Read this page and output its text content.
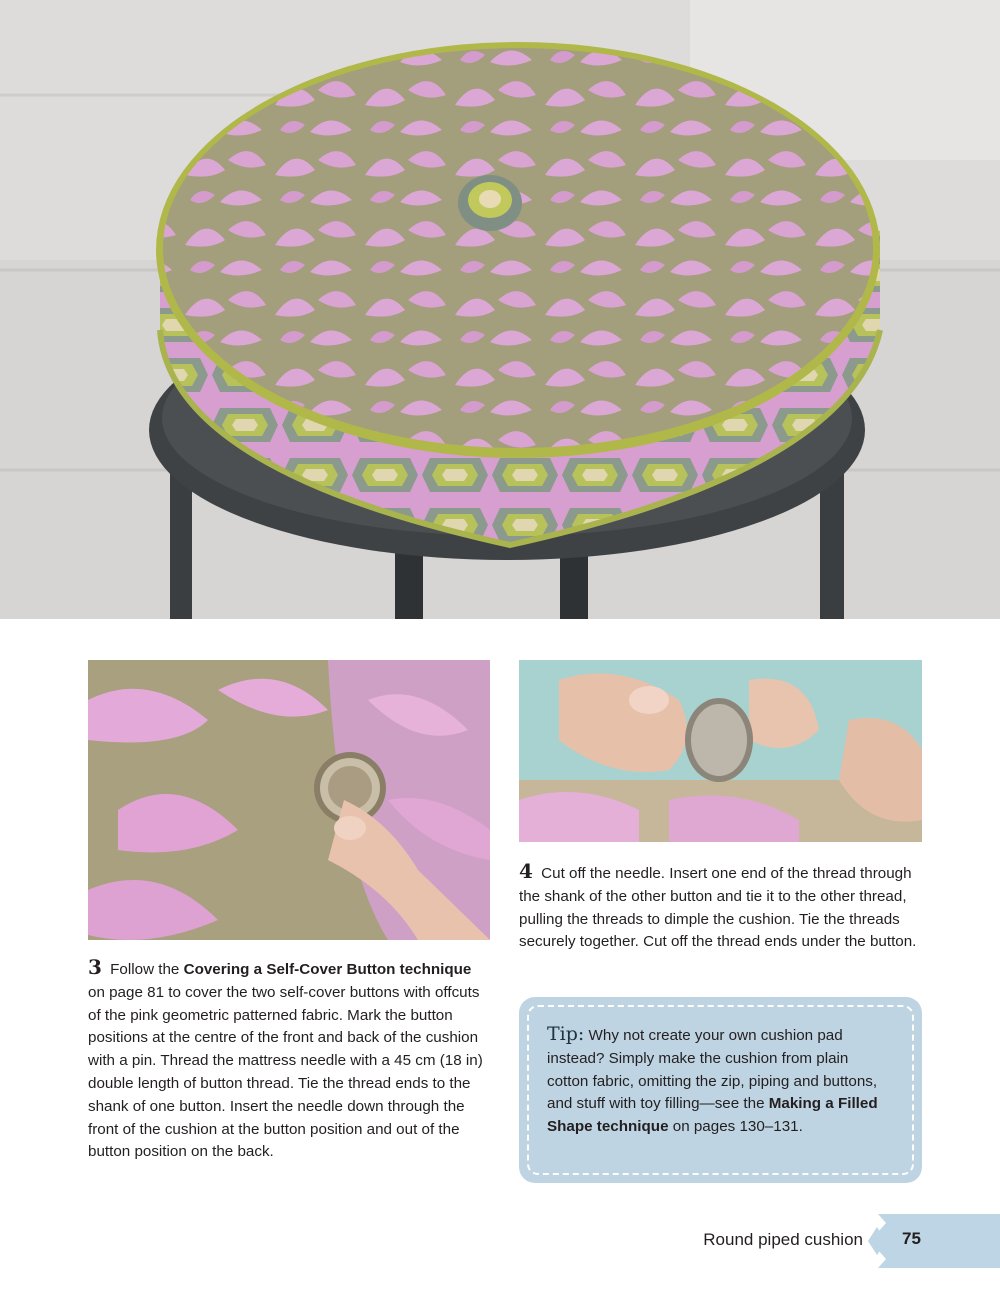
3 Follow the Covering a Self-Cover Button technique on page 81 to cover the two self-cover buttons with offcuts of the pink geometric patterned fabric. Mark the button positions at the centre of the front and back of the cushion with a pin. Thread the mattress needle with a 45 cm (18 in) double length of button thread. Tie the thread ends to the shank of one button. Insert the needle down through the front of the cushion at the button position and out of the button position on the back.
4 Cut off the needle. Insert one end of the thread through the shank of the other button and tie it to the other thread, pulling the threads to dimple the cushion. Tie the threads securely together. Cut off the thread ends under the button.
Tip: Why not create your own cushion pad instead? Simply make the cushion from plain cotton fabric, omitting the zip, piping and buttons, and stuff with toy filling—see the Making a Filled Shape technique on pages 130–131.
Round piped cushion 75
